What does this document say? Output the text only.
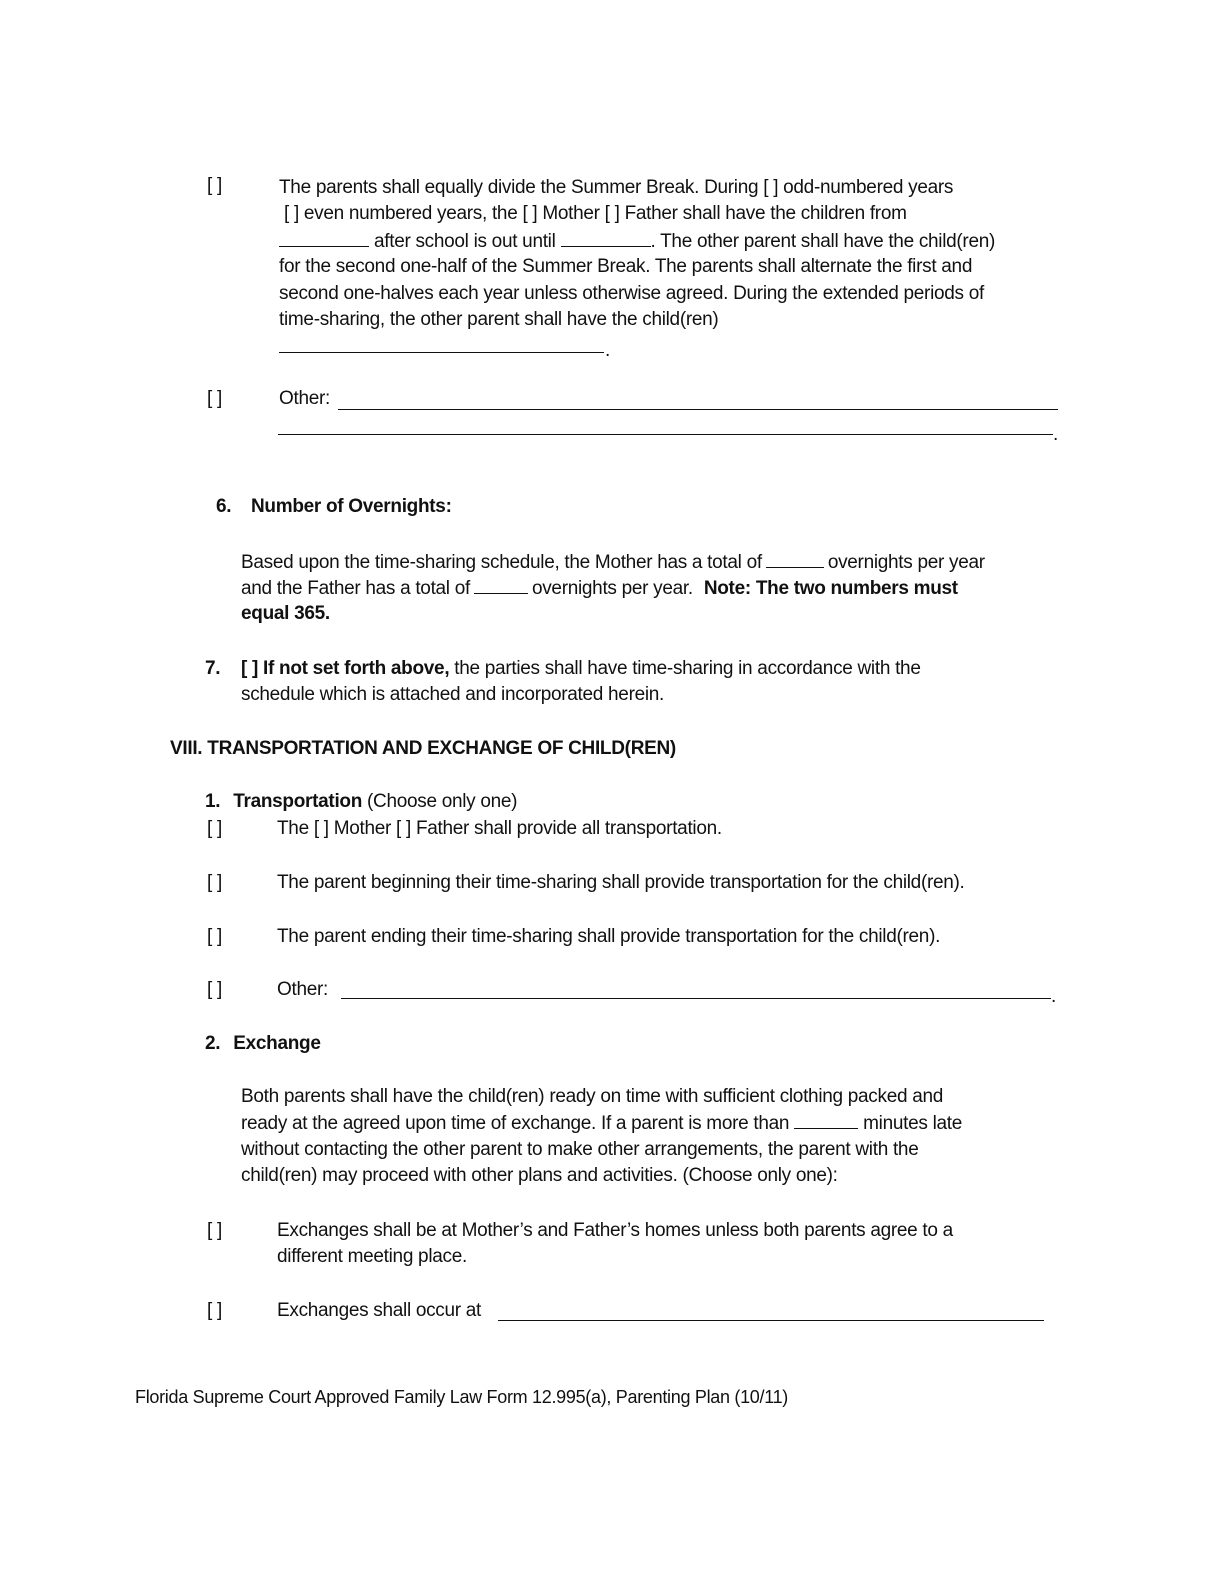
[ ]	The parents shall equally divide the Summer Break. During [ ] odd-numbered years
[ ] even numbered years, the [ ] Mother [ ] Father shall have the children from
after school is out until	. The other parent shall have the child(ren)
for the second one-half of the Summer Break. The parents shall alternate the first and
second one-halves each year unless otherwise agreed. During the extended periods of
time-sharing, the other parent shall have the child(ren)
.
[ ]	Other:
.
6. Number of Overnights:
Based upon the time-sharing schedule, the Mother has a total of	overnights per year
and the Father has a total of	overnights per year. Note: The two numbers must
equal 365.
7. [ ] If not set forth above, the parties shall have time-sharing in accordance with the
schedule which is attached and incorporated herein.
VIII. TRANSPORTATION AND EXCHANGE OF CHILD(REN)
1. Transportation (Choose only one)
[ ]	The [ ] Mother [ ] Father shall provide all transportation.
[ ]	The parent beginning their time-sharing shall provide transportation for the child(ren).
[ ]	The parent ending their time-sharing shall provide transportation for the child(ren).
[ ]	Other:	.
2. Exchange
Both parents shall have the child(ren) ready on time with sufficient clothing packed and
ready at the agreed upon time of exchange. If a parent is more than	minutes late
without contacting the other parent to make other arrangements, the parent with the
child(ren) may proceed with other plans and activities. (Choose only one):
[ ]	Exchanges shall be at Mother’s and Father’s homes unless both parents agree to a
different meeting place.
[ ]	Exchanges shall occur at
Florida Supreme Court Approved Family Law Form 12.995(a), Parenting Plan (10/11)
